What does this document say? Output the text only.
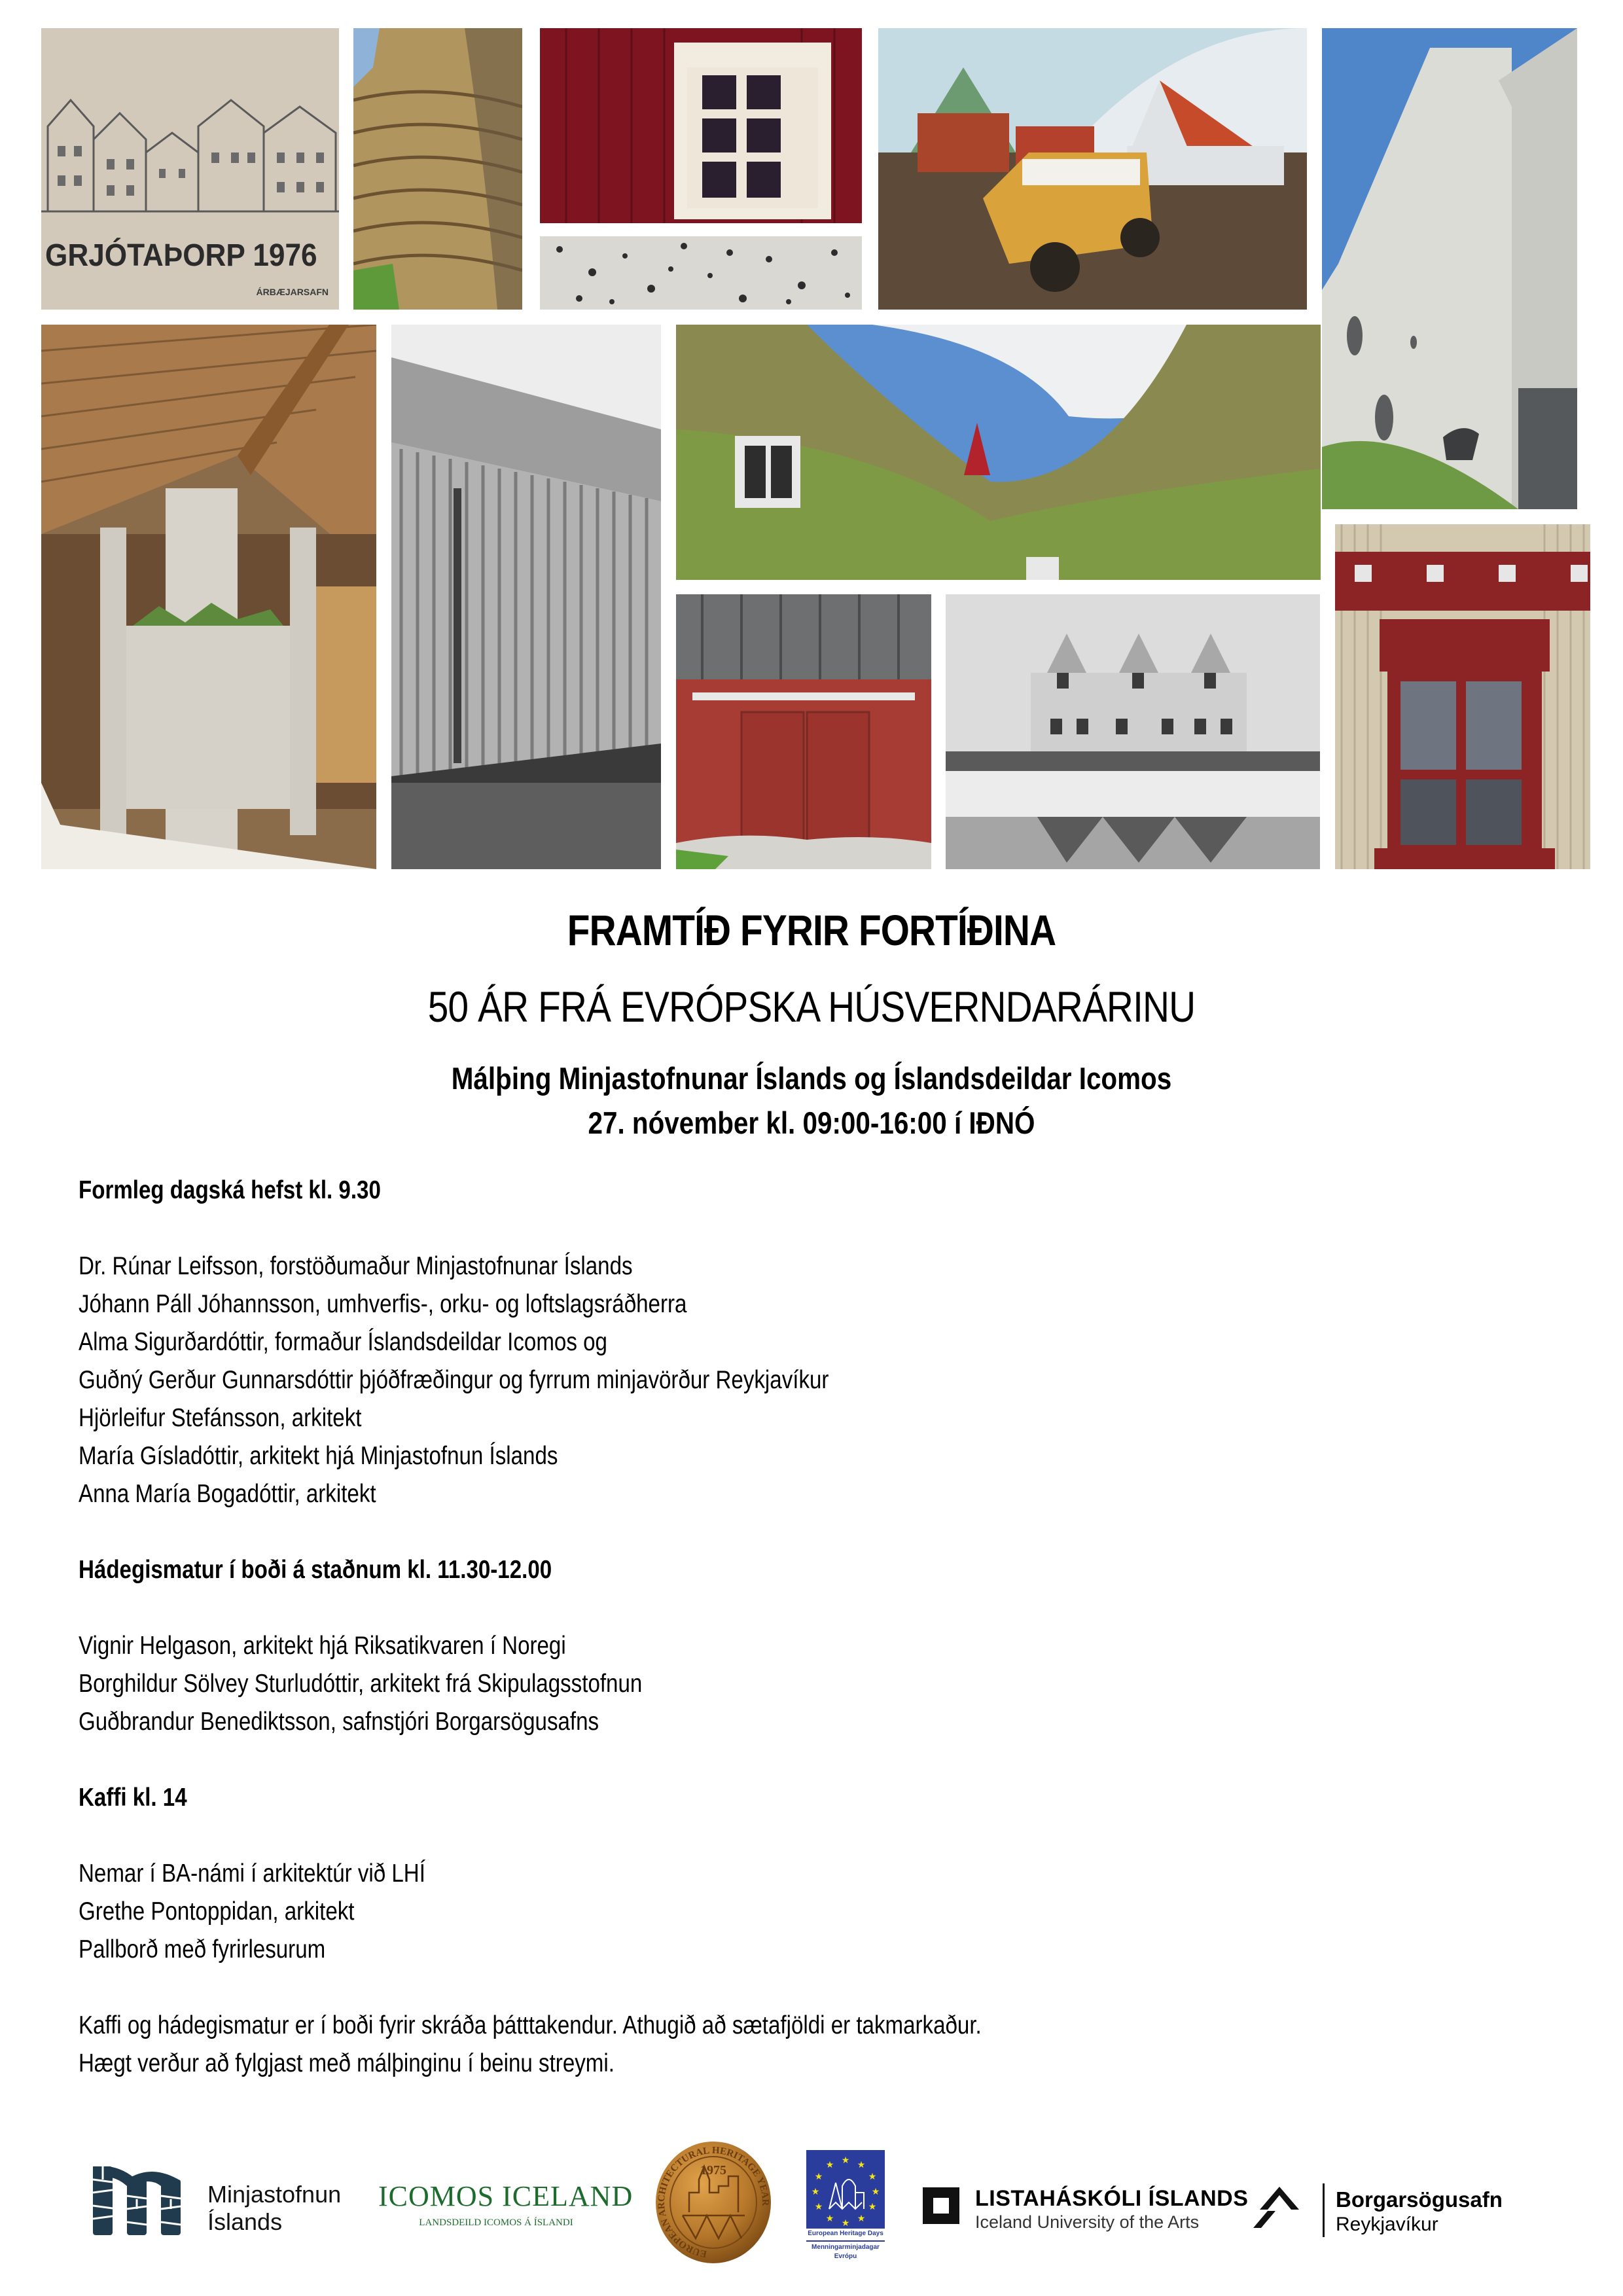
GRJÓTAÞORP 1976
ÁRBÆJARSAFN
FRAMTÍÐ FYRIR FORTÍÐINA
50 ÁR FRÁ EVRÓPSKA HÚSVERNDARÁRINU
Málþing Minjastofnunar Íslands og Íslandsdeildar Icomos
27. nóvember kl. 09:00-16:00 í IÐNÓ
Formleg dagská hefst kl. 9.30
Dr. Rúnar Leifsson, forstöðumaður Minjastofnunar Íslands
Jóhann Páll Jóhannsson, umhverfis-, orku- og loftslagsráðherra
Alma Sigurðardóttir, formaður Íslandsdeildar Icomos og
Guðný Gerður Gunnarsdóttir þjóðfræðingur og fyrrum minjavörður Reykjavíkur
Hjörleifur Stefánsson, arkitekt
María Gísladóttir, arkitekt hjá Minjastofnun Íslands
Anna María Bogadóttir, arkitekt
Hádegismatur í boði á staðnum kl. 11.30-12.00
Vignir Helgason, arkitekt hjá Riksatikvaren í Noregi
Borghildur Sölvey Sturludóttir, arkitekt frá Skipulagsstofnun
Guðbrandur Benediktsson, safnstjóri Borgarsögusafns
Kaffi kl. 14
Nemar í BA-námi í arkitektúr við LHÍ
Grethe Pontoppidan, arkitekt
Pallborð með fyrirlesurum
Kaffi og hádegismatur er í boði fyrir skráða þátttakendur. Athugið að sætafjöldi er takmarkaður.
Hægt verður að fylgjast með málþinginu í beinu streymi.
Minjastofnun
Íslands
ICOMOS ICELAND
LANDSDEILD ICOMOS Á ÍSLANDI
EUROPEAN ARCHITECTURAL HERITAGE YEAR
1975
★ ★
★
★
★
★
★
★
★
★
★
★
European Heritage Days
Menningarminjadagar
Evrópu
LISTAHÁSKÓLI ÍSLANDS
Iceland University of the Arts
Borgarsögusafn
Reykjavíkur
